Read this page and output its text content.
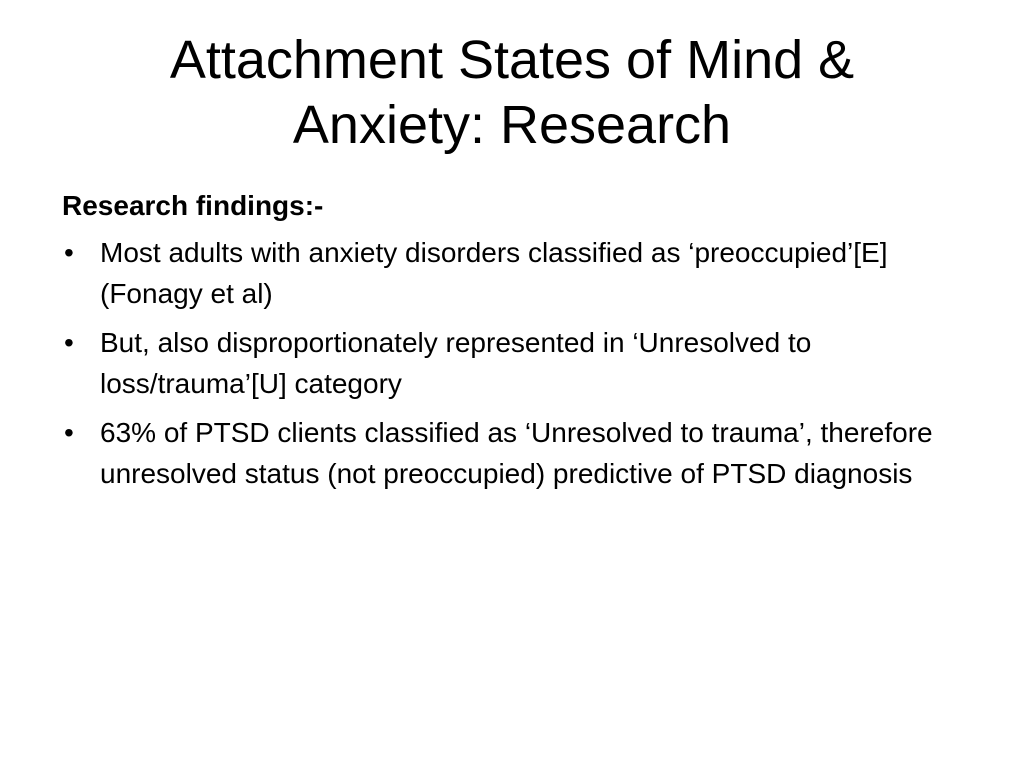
Attachment States of Mind &
Anxiety: Research

Research findings:-

• Most adults with anxiety disorders classified as ‘preoccupied’[E] (Fonagy et al)
• But, also disproportionately represented in ‘Unresolved to loss/trauma’[U] category
• 63% of PTSD clients classified as ‘Unresolved to trauma’, therefore unresolved status (not preoccupied) predictive of PTSD diagnosis
